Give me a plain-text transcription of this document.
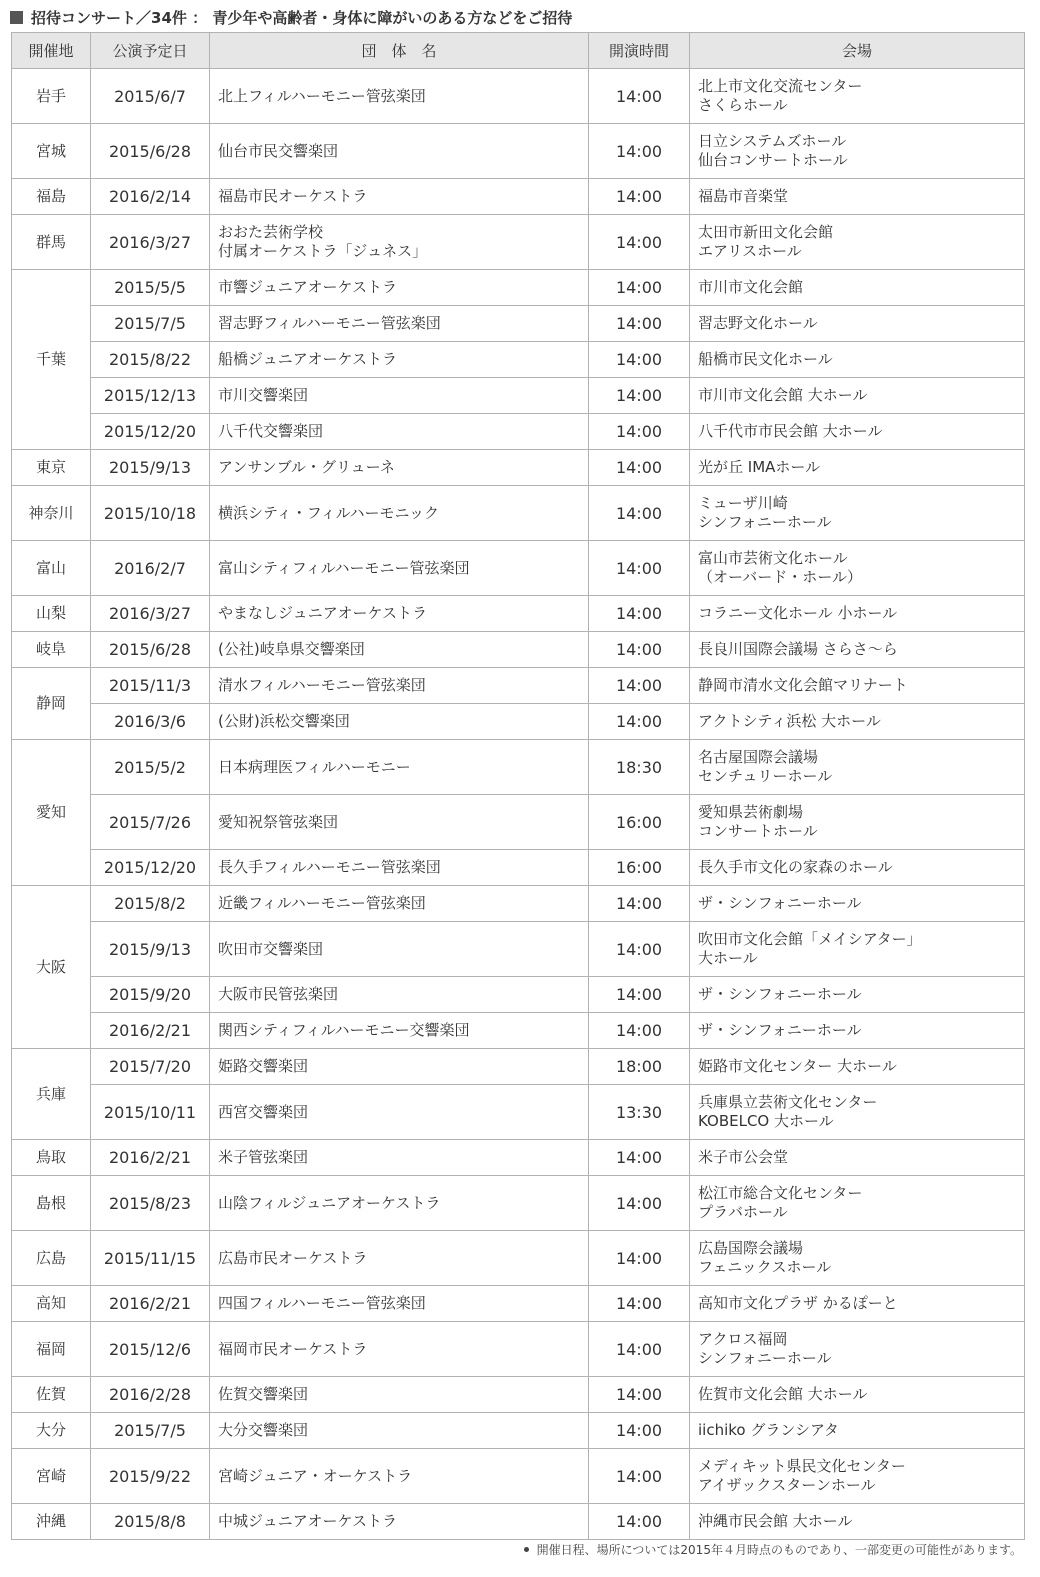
招待コンサート／34件 ： 青少年や高齢者・身体に障がいのある方などをご招待
開催地	公演予定日	団　体　名	開演時間	会場
岩手	2015/6/7	北上フィルハーモニー管弦楽団	14:00	北上市文化交流センター
さくらホール

宮城	2015/6/28	仙台市民交響楽団	14:00	日立システムズホール
仙台コンサートホール

福島	2016/2/14	福島市民オーケストラ	14:00	福島市音楽堂

群馬	2016/3/27	おおた芸術学校
付属オーケストラ「ジュネス」	14:00	太田市新田文化会館
エアリスホール

千葉	2015/5/5	市響ジュニアオーケストラ	14:00	市川市文化会館

	2015/7/5	習志野フィルハーモニー管弦楽団	14:00	習志野文化ホール

	2015/8/22	船橋ジュニアオーケストラ	14:00	船橋市民文化ホール

	2015/12/13	市川交響楽団	14:00	市川市文化会館 大ホール

	2015/12/20	八千代交響楽団	14:00	八千代市市民会館 大ホール

東京	2015/9/13	アンサンブル・グリューネ	14:00	光が丘 IMAホール

神奈川	2015/10/18	横浜シティ・フィルハーモニック	14:00	ミューザ川崎
シンフォニーホール

富山	2016/2/7	富山シティフィルハーモニー管弦楽団	14:00	富山市芸術文化ホール
（オーバード・ホール）

山梨	2016/3/27	やまなしジュニアオーケストラ	14:00	コラニー文化ホール 小ホール

岐阜	2015/6/28	(公社)岐阜県交響楽団	14:00	長良川国際会議場 さらさ〜ら

静岡	2015/11/3	清水フィルハーモニー管弦楽団	14:00	静岡市清水文化会館マリナート

	2016/3/6	(公財)浜松交響楽団	14:00	アクトシティ浜松 大ホール

愛知	2015/5/2	日本病理医フィルハーモニー	18:30	名古屋国際会議場
センチュリーホール

	2015/7/26	愛知祝祭管弦楽団	16:00	愛知県芸術劇場
コンサートホール

	2015/12/20	長久手フィルハーモニー管弦楽団	16:00	長久手市文化の家森のホール

大阪	2015/8/2	近畿フィルハーモニー管弦楽団	14:00	ザ・シンフォニーホール

	2015/9/13	吹田市交響楽団	14:00	吹田市文化会館「メイシアター」
大ホール

	2015/9/20	大阪市民管弦楽団	14:00	ザ・シンフォニーホール

	2016/2/21	関西シティフィルハーモニー交響楽団	14:00	ザ・シンフォニーホール

兵庫	2015/7/20	姫路交響楽団	18:00	姫路市文化センター 大ホール

	2015/10/11	西宮交響楽団	13:30	兵庫県立芸術文化センター
KOBELCO 大ホール

鳥取	2016/2/21	米子管弦楽団	14:00	米子市公会堂

島根	2015/8/23	山陰フィルジュニアオーケストラ	14:00	松江市総合文化センター
プラバホール

広島	2015/11/15	広島市民オーケストラ	14:00	広島国際会議場
フェニックスホール

高知	2016/2/21	四国フィルハーモニー管弦楽団	14:00	高知市文化プラザ かるぽーと

福岡	2015/12/6	福岡市民オーケストラ	14:00	アクロス福岡
シンフォニーホール

佐賀	2016/2/28	佐賀交響楽団	14:00	佐賀市文化会館 大ホール

大分	2015/7/5	大分交響楽団	14:00	iichiko グランシアタ

宮崎	2015/9/22	宮崎ジュニア・オーケストラ	14:00	メディキット県民文化センター
アイザックスターンホール

沖縄	2015/8/8	中城ジュニアオーケストラ	14:00	沖縄市民会館 大ホール
開催日程、場所については2015年４月時点のものであり、一部変更の可能性があります。
